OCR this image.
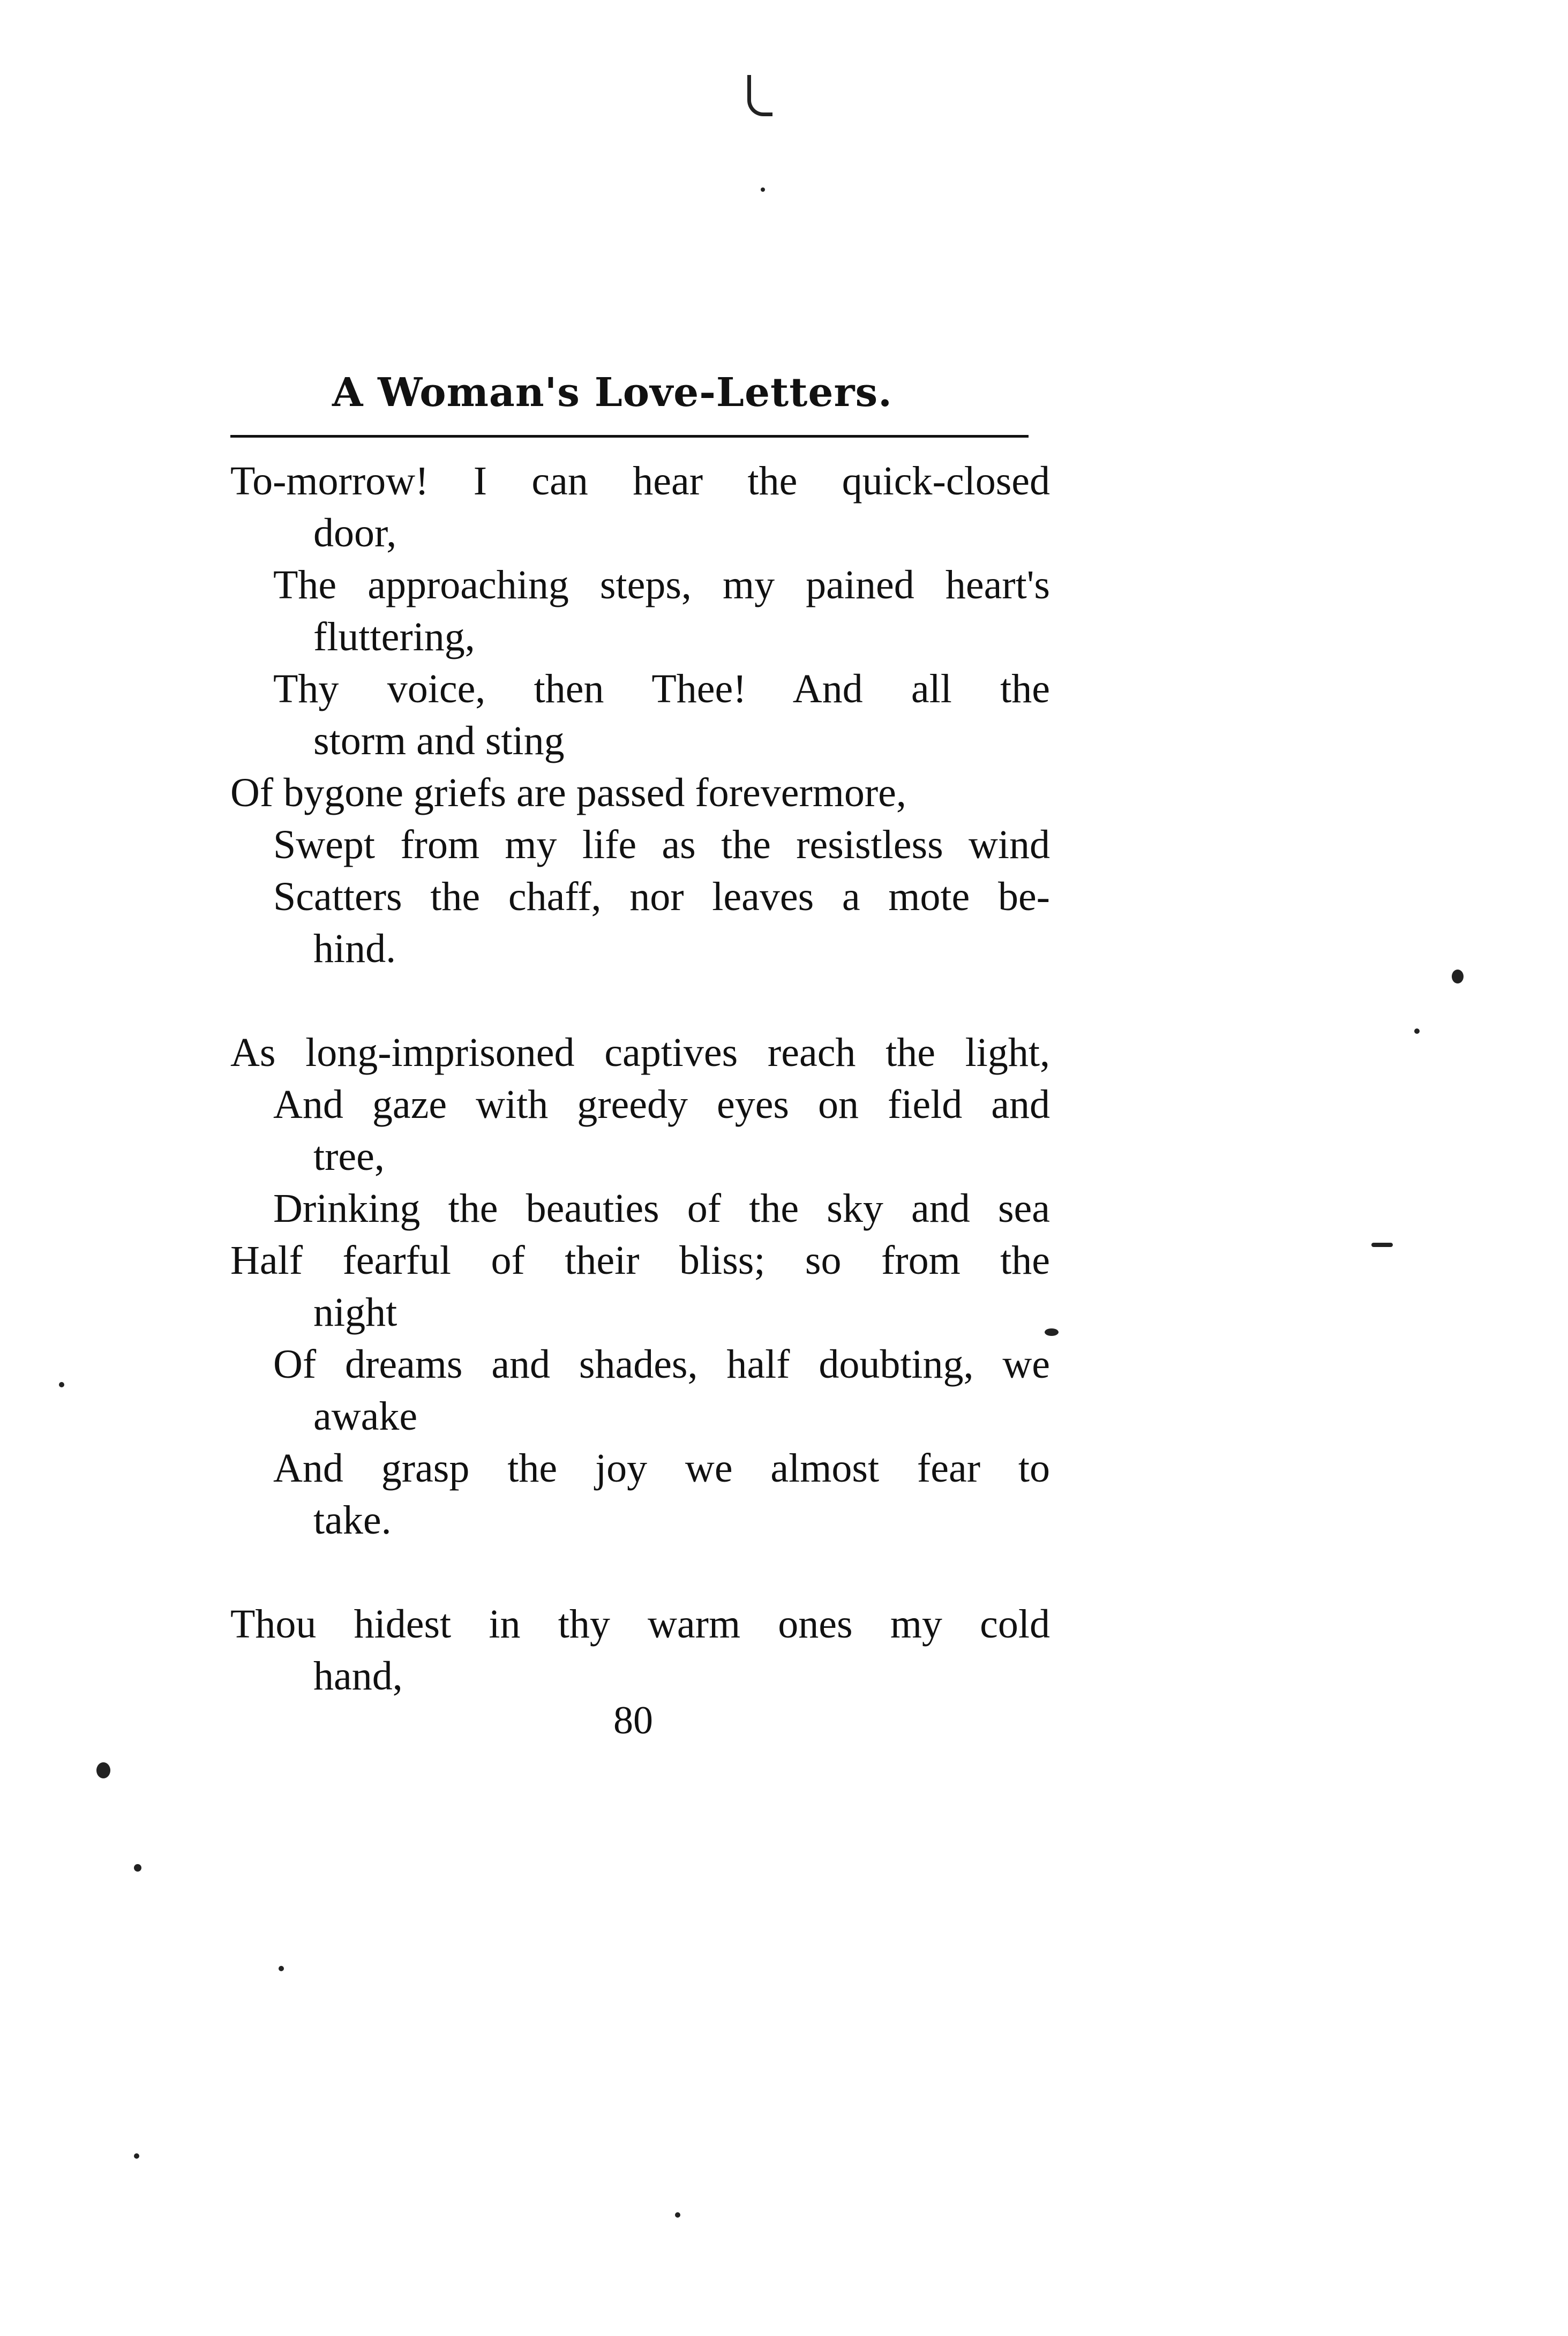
A Woman's Love-Letters.
To-morrow! I can hear the quick-closed
door,
The approaching steps, my pained heart's
fluttering,
Thy voice, then Thee! And all the
storm and sting
Of bygone griefs are passed forevermore,
Swept from my life as the resistless wind
Scatters the chaff, nor leaves a mote be-
hind.
As long-imprisoned captives reach the light,
And gaze with greedy eyes on field and
tree,
Drinking the beauties of the sky and sea
Half fearful of their bliss; so from the
night
Of dreams and shades, half doubting, we
awake
And grasp the joy we almost fear to
take.
Thou hidest in thy warm ones my cold
hand,
80
